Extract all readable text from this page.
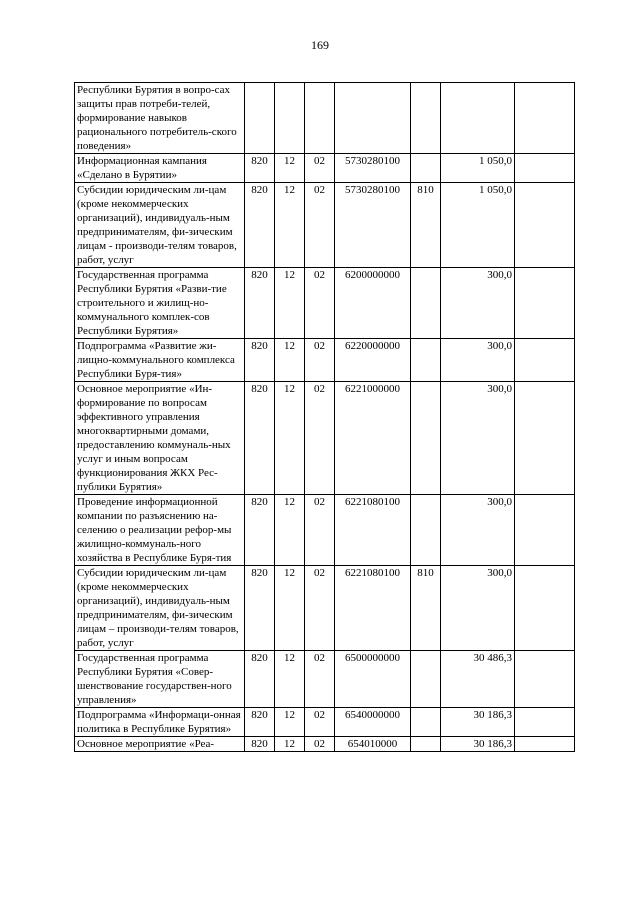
169
Республики Бурятия в вопро-сах защиты прав потреби-телей, формирование навыков рационального потребитель-ского поведения»							
Информационная кампания «Сделано в Бурятии»	820	12	02	5730280100		1 050,0	
Субсидии юридическим ли-цам (кроме некоммерческих организаций), индивидуаль-ным предпринимателям, фи-зическим лицам - производи-телям товаров, работ, услуг	820	12	02	5730280100	810	1 050,0	
Государственная программа Республики Бурятия «Разви-тие строительного и жилищ-но-коммунального комплек-сов Республики Бурятия»	820	12	02	6200000000		300,0	
Подпрограмма «Развитие жи-лищно-коммунального комплекса Республики Буря-тия»	820	12	02	6220000000		300,0	
Основное мероприятие «Ин-формирование по вопросам эффективного управления многоквартирными домами, предоставлению коммуналь-ных услуг и иным вопросам функционирования ЖКХ Рес-публики Бурятия»	820	12	02	6221000000		300,0	
Проведение информационной компании по разъяснению на-селению о реализации рефор-мы жилищно-коммуналь-ного хозяйства в Республике Буря-тия	820	12	02	6221080100		300,0	
Субсидии юридическим ли-цам (кроме некоммерческих организаций), индивидуаль-ным предпринимателям, фи-зическим лицам – производи-телям товаров, работ, услуг	820	12	02	6221080100	810	300,0	
Государственная программа Республики Бурятия «Совер-шенствование государствен-ного управления»	820	12	02	6500000000		30 486,3	
Подпрограмма «Информаци-онная политика в Республике Бурятия»	820	12	02	6540000000		30 186,3	
Основное мероприятие «Реа-	820	12	02	654010000		30 186,3	
